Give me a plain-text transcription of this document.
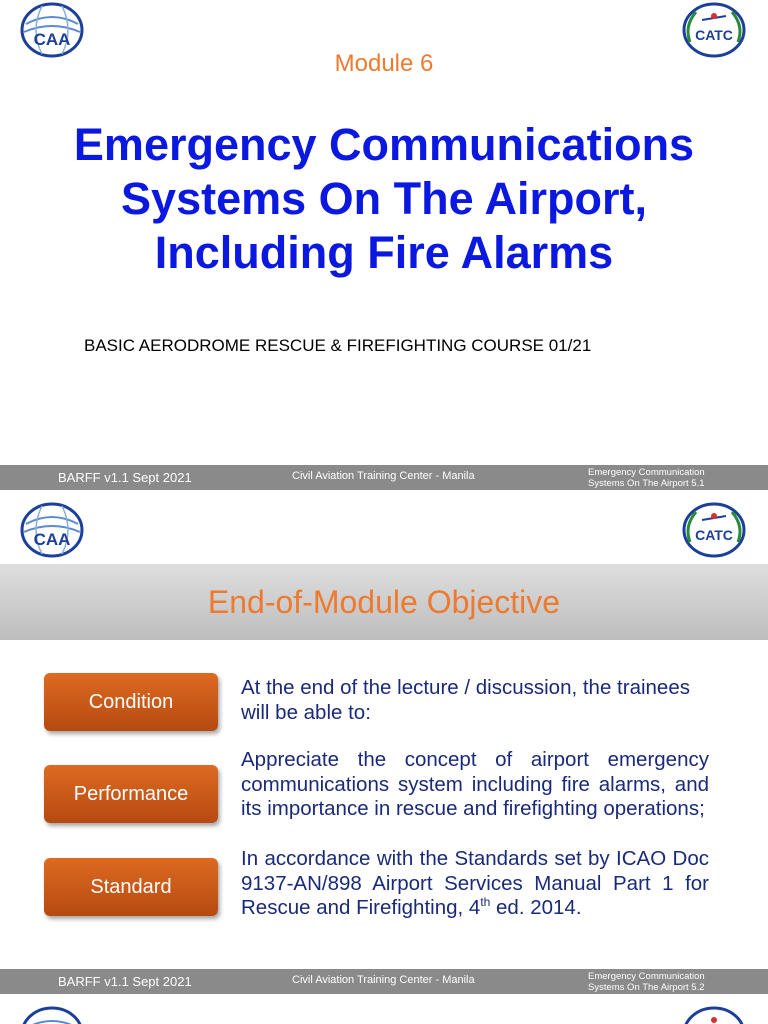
CAA	CATC
Module 6
Emergency Communications Systems On The Airport, Including Fire Alarms
BASIC AERODROME RESCUE & FIREFIGHTING COURSE 01/21
BARFF v1.1 Sept 2021	Civil Aviation Training Center - Manila	Emergency Communication
Systems On The Airport 5.1
CAA	CATC
End-of-Module Objective
Condition
Performance
Standard

At the end of the lecture / discussion, the trainees will be able to:

Appreciate the concept of airport emergency communications system including fire alarms, and its importance in rescue and firefighting operations;

In accordance with the Standards set by ICAO Doc 9137-AN/898 Airport Services Manual Part 1 for Rescue and Firefighting, 4th ed. 2014.

BARFF v1.1 Sept 2021	Civil Aviation Training Center - Manila	Emergency Communication
Systems On The Airport 5.2
